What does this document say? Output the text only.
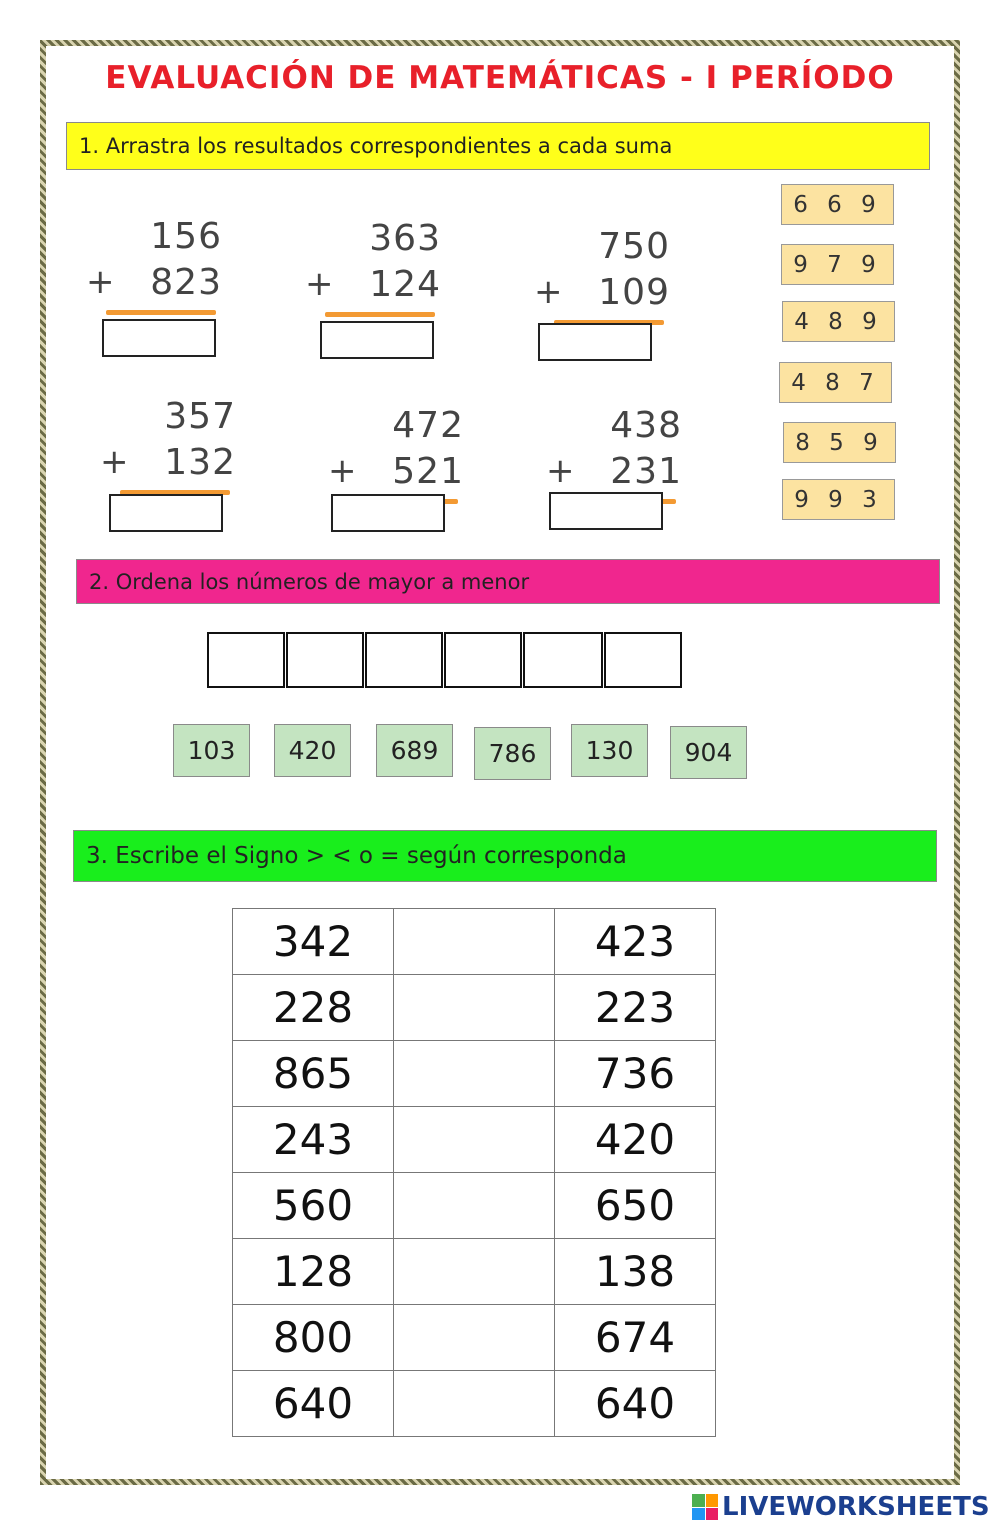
EVALUACIÓN DE MATEMÁTICAS - I PERÍODO
1. Arrastra los resultados correspondientes a cada suma
156
+ 823
363
+ 124
750
+ 109
357
+ 132
472
+ 521
438
+ 231
6 6 9
9 7 9
4 8 9
4 8 7
8 5 9
9 9 3
2. Ordena los números de mayor a menor
103	420	689	786	130	904
3. Escribe el Signo > < o = según corresponda
342		423
228		223
865		736
243		420
560		650
128		138
800		674
640		640
LIVEWORKSHEETS
